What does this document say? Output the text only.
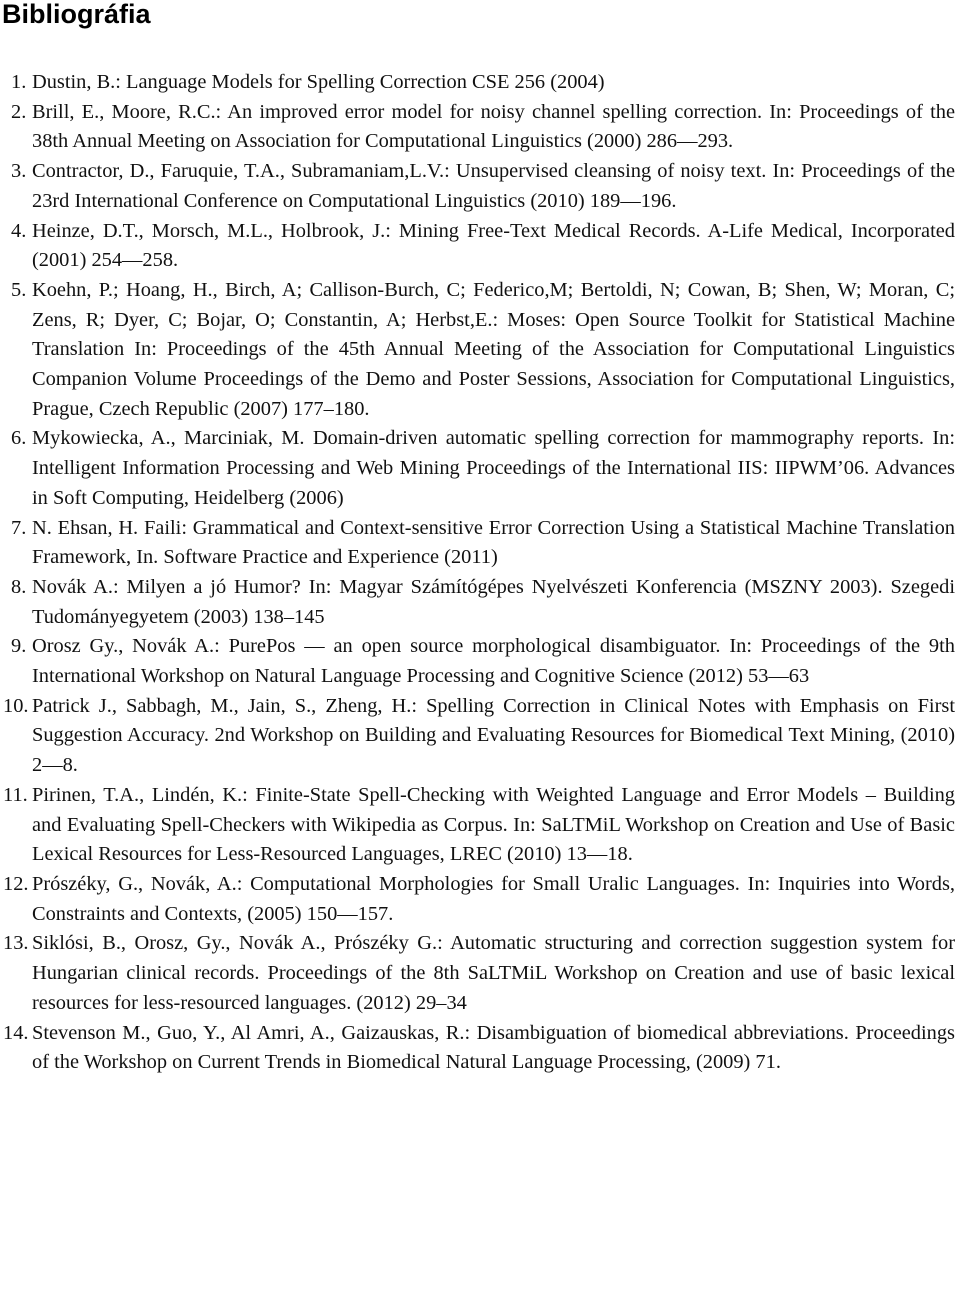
Bibliográfia
1. Dustin, B.: Language Models for Spelling Correction CSE 256 (2004)
2. Brill, E., Moore, R.C.: An improved error model for noisy channel spelling correction. In: Proceedings of the 38th Annual Meeting on Association for Computational Linguistics (2000) 286—293.
3. Contractor, D., Faruquie, T.A., Subramaniam,L.V.: Unsupervised cleansing of noisy text. In: Proceedings of the 23rd International Conference on Computational Linguistics (2010) 189—196.
4. Heinze, D.T., Morsch, M.L., Holbrook, J.: Mining Free-Text Medical Records. A-Life Medical, Incorporated (2001) 254—258.
5. Koehn, P.; Hoang, H., Birch, A; Callison-Burch, C; Federico,M; Bertoldi, N; Cowan, B; Shen, W; Moran, C; Zens, R; Dyer, C; Bojar, O; Constantin, A; Herbst,E.: Moses: Open Source Toolkit for Statistical Machine Translation In: Proceedings of the 45th Annual Meeting of the Association for Computational Linguistics Companion Volume Proceedings of the Demo and Poster Sessions, Association for Computational Linguistics, Prague, Czech Republic (2007) 177–180.
6. Mykowiecka, A., Marciniak, M. Domain-driven automatic spelling correction for mammography reports. In: Intelligent Information Processing and Web Mining Proceedings of the International IIS: IIPWM’06. Advances in Soft Computing, Heidelberg (2006)
7. N. Ehsan, H. Faili: Grammatical and Context-sensitive Error Correction Using a Statistical Machine Translation Framework, In. Software Practice and Experience (2011)
8. Novák A.: Milyen a jó Humor? In: Magyar Számítógépes Nyelvészeti Konferencia (MSZNY 2003). Szegedi Tudományegyetem (2003) 138–145
9. Orosz Gy., Novák A.: PurePos — an open source morphological disambiguator. In: Proceedings of the 9th International Workshop on Natural Language Processing and Cognitive Science (2012) 53—63
10. Patrick J., Sabbagh, M., Jain, S., Zheng, H.: Spelling Correction in Clinical Notes with Emphasis on First Suggestion Accuracy. 2nd Workshop on Building and Evaluating Resources for Biomedical Text Mining, (2010) 2—8.
11. Pirinen, T.A., Lindén, K.: Finite-State Spell-Checking with Weighted Language and Error Models – Building and Evaluating Spell-Checkers with Wikipedia as Corpus. In: SaLTMiL Workshop on Creation and Use of Basic Lexical Resources for Less-Resourced Languages, LREC (2010) 13—18.
12. Prószéky, G., Novák, A.: Computational Morphologies for Small Uralic Languages. In: Inquiries into Words, Constraints and Contexts, (2005) 150—157.
13. Siklósi, B., Orosz, Gy., Novák A., Prószéky G.: Automatic structuring and correction suggestion system for Hungarian clinical records. Proceedings of the 8th SaLTMiL Workshop on Creation and use of basic lexical resources for less-resourced languages. (2012) 29–34
14. Stevenson M., Guo, Y., Al Amri, A., Gaizauskas, R.: Disambiguation of biomedical abbreviations. Proceedings of the Workshop on Current Trends in Biomedical Natural Language Processing, (2009) 71.
